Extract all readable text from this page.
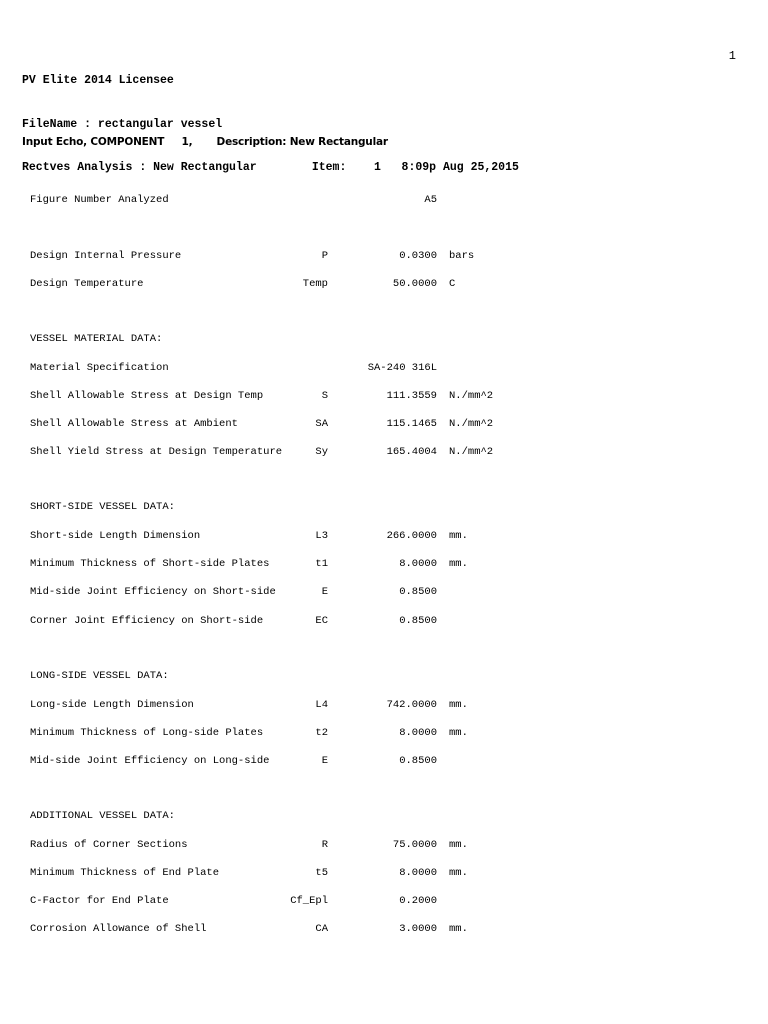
PV Elite 2014 Licensee

FileName : rectangular vessel

Rectves Analysis : New Rectangular        Item:    1   8:09p Aug 25,2015

1
Input Echo, COMPONENT     1,       Description: New Rectangular
Figure Number Analyzed	A5
Design Internal Pressure	P	0.0300 bars
Design Temperature	Temp	50.0000 C
VESSEL MATERIAL DATA:
Material Specification	SA-240 316L
Shell Allowable Stress at Design Temp	S	111.3559 N./mm^2
Shell Allowable Stress at Ambient	SA	115.1465 N./mm^2
Shell Yield Stress at Design Temperature	Sy	165.4004 N./mm^2
SHORT-SIDE VESSEL DATA:
Short-side Length Dimension	L3	266.0000 mm.
Minimum Thickness of Short-side Plates	t1	8.0000 mm.
Mid-side Joint Efficiency on Short-side	E	0.8500
Corner Joint Efficiency on Short-side	EC	0.8500
LONG-SIDE VESSEL DATA:
Long-side Length Dimension	L4	742.0000 mm.
Minimum Thickness of Long-side Plates	t2	8.0000 mm.
Mid-side Joint Efficiency on Long-side	E	0.8500
ADDITIONAL VESSEL DATA:
Radius of Corner Sections	R	75.0000 mm.
Minimum Thickness of End Plate	t5	8.0000 mm.
C-Factor for End Plate	Cf_Epl	0.2000
Corrosion Allowance of Shell	CA	3.0000 mm.
